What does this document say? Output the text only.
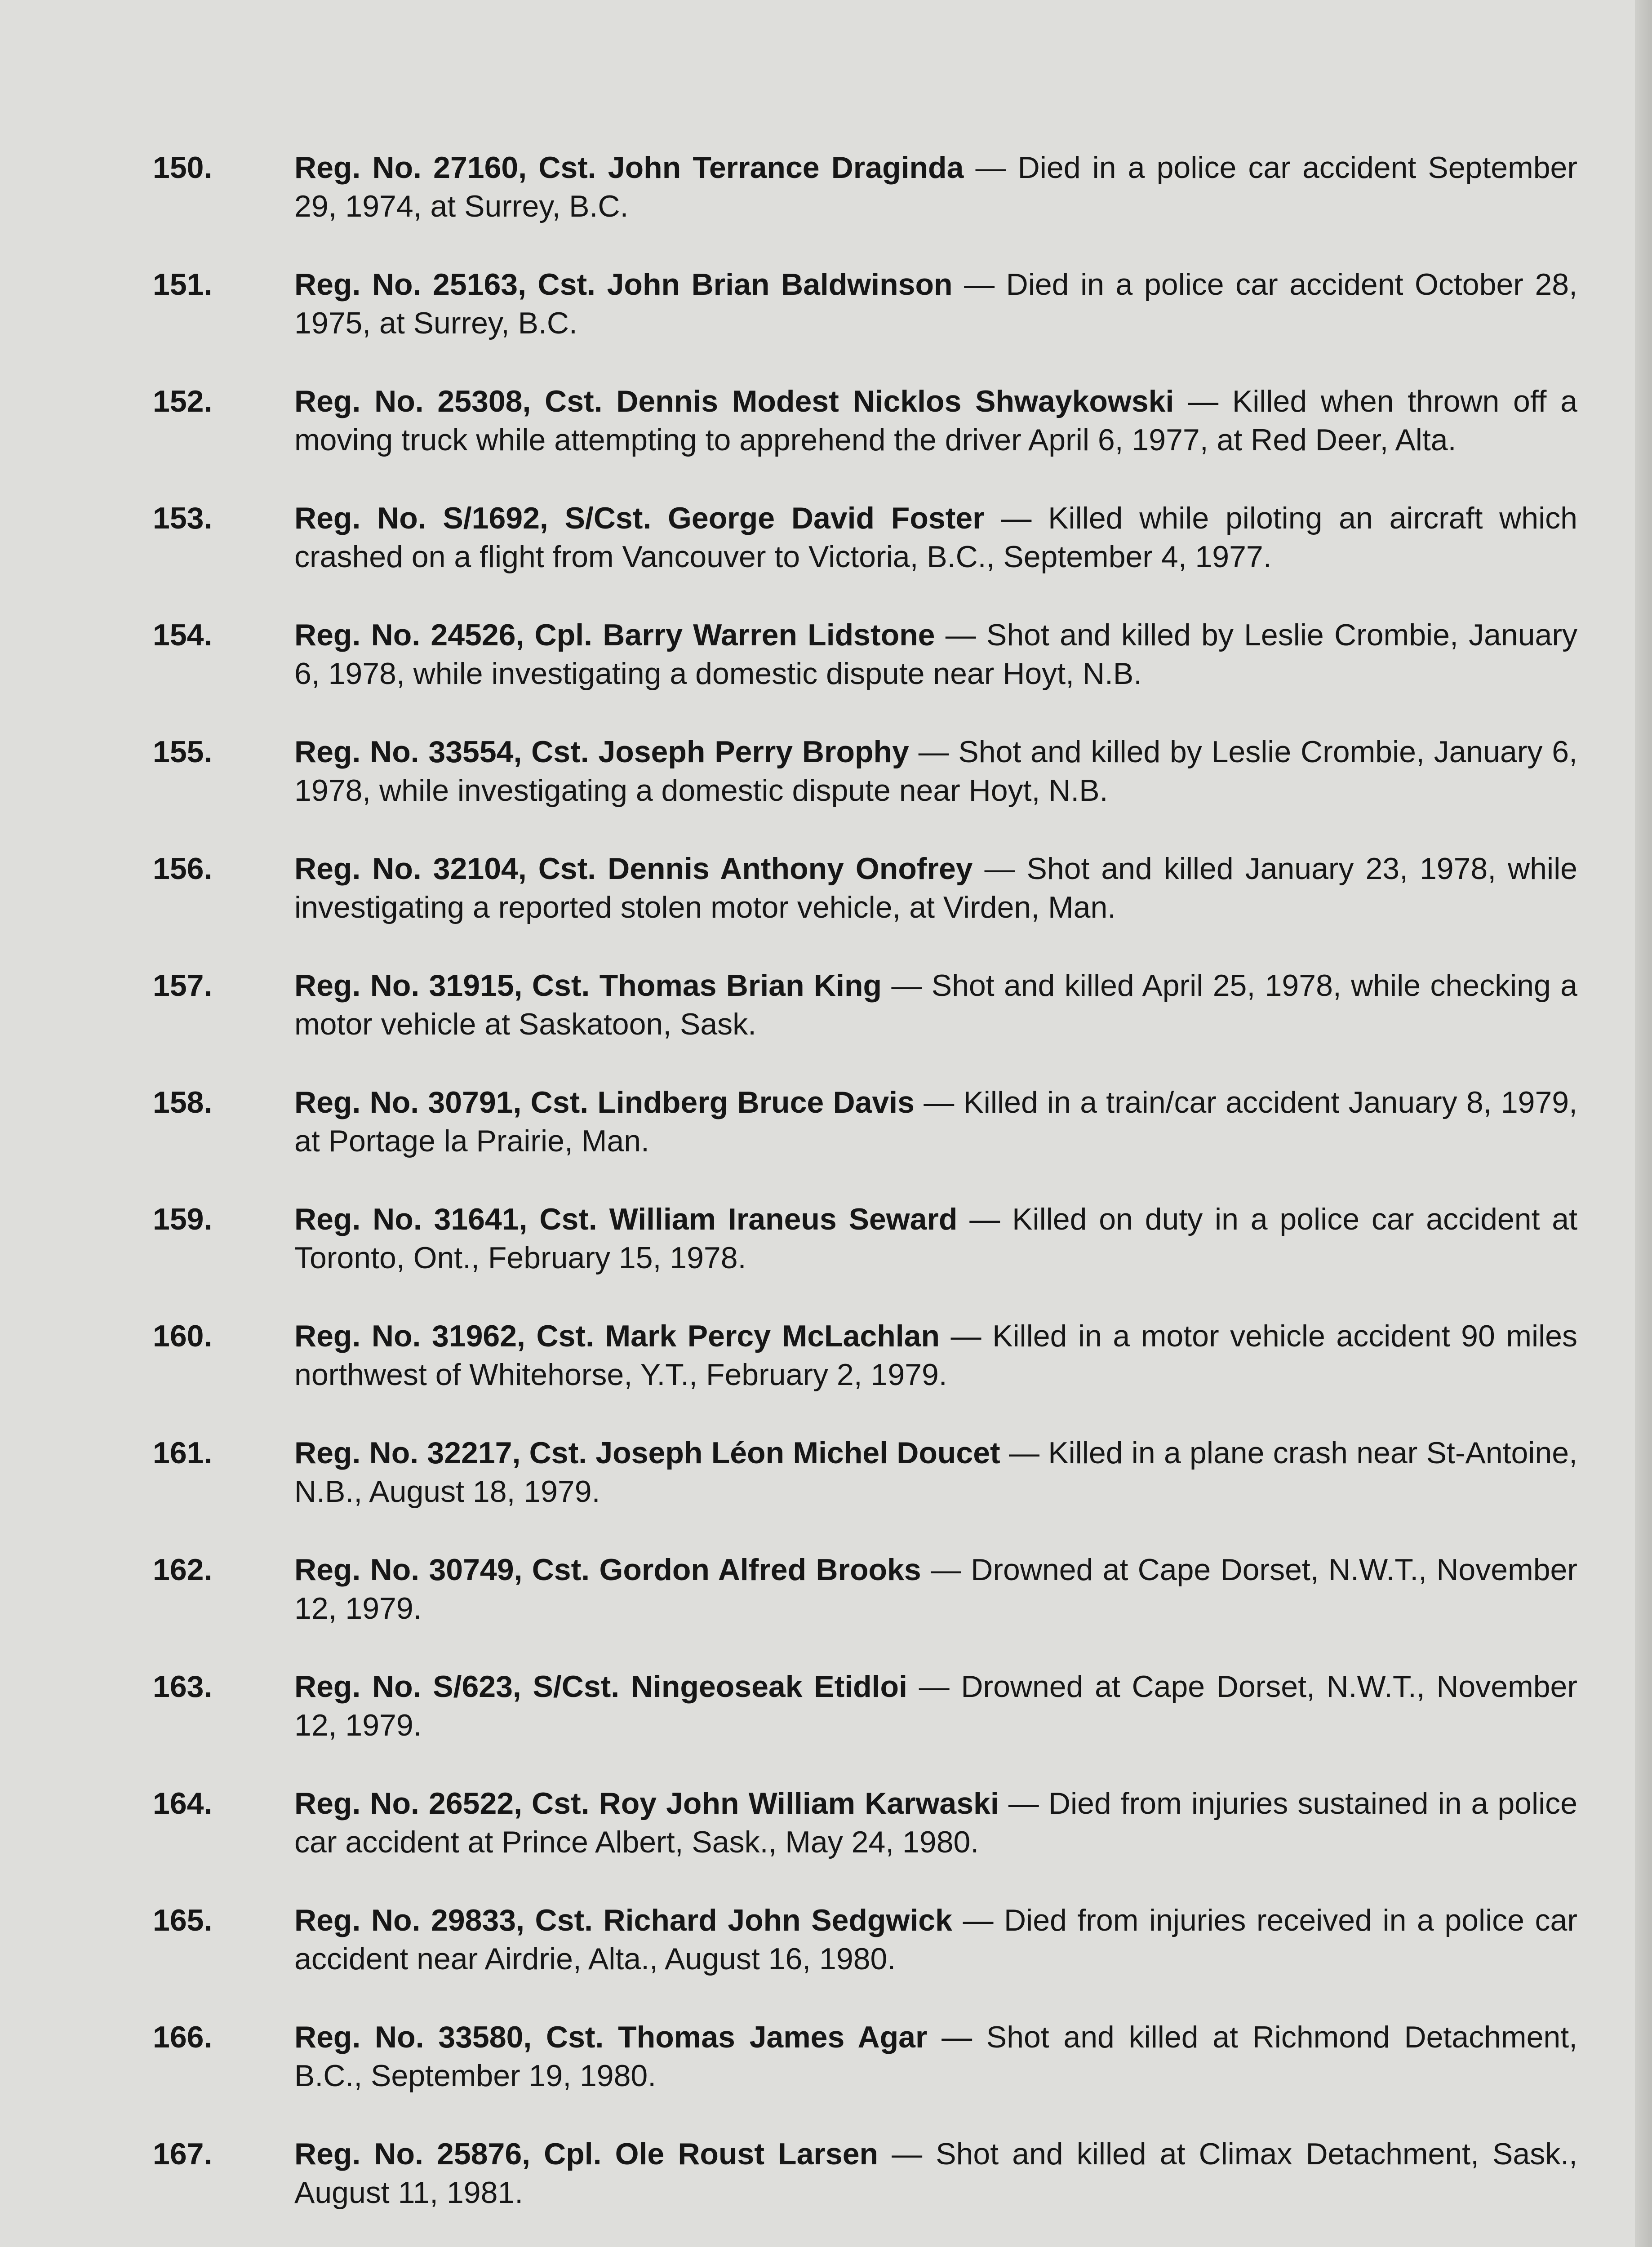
150.	Reg. No. 27160, Cst. John Terrance Draginda — Died in a police car accident September 29, 1974, at Surrey, B.C.
151.	Reg. No. 25163, Cst. John Brian Baldwinson — Died in a police car accident October 28, 1975, at Surrey, B.C.
152.	Reg. No. 25308, Cst. Dennis Modest Nicklos Shwaykowski — Killed when thrown off a moving truck while attempting to apprehend the driver April 6, 1977, at Red Deer, Alta.
153.	Reg. No. S/1692, S/Cst. George David Foster — Killed while piloting an aircraft which crashed on a flight from Vancouver to Victoria, B.C., September 4, 1977.
154.	Reg. No. 24526, Cpl. Barry Warren Lidstone — Shot and killed by Leslie Crombie, January 6, 1978, while investigating a domestic dispute near Hoyt, N.B.
155.	Reg. No. 33554, Cst. Joseph Perry Brophy — Shot and killed by Leslie Crombie, January 6, 1978, while investigating a domestic dispute near Hoyt, N.B.
156.	Reg. No. 32104, Cst. Dennis Anthony Onofrey — Shot and killed January 23, 1978, while investigating a reported stolen motor vehicle, at Virden, Man.
157.	Reg. No. 31915, Cst. Thomas Brian King — Shot and killed April 25, 1978, while checking a motor vehicle at Saskatoon, Sask.
158.	Reg. No. 30791, Cst. Lindberg Bruce Davis — Killed in a train/car accident January 8, 1979, at Portage la Prairie, Man.
159.	Reg. No. 31641, Cst. William Iraneus Seward — Killed on duty in a police car accident at Toronto, Ont., February 15, 1978.
160.	Reg. No. 31962, Cst. Mark Percy McLachlan — Killed in a motor vehicle accident 90 miles northwest of Whitehorse, Y.T., February 2, 1979.
161.	Reg. No. 32217, Cst. Joseph Léon Michel Doucet — Killed in a plane crash near St-Antoine, N.B., August 18, 1979.
162.	Reg. No. 30749, Cst. Gordon Alfred Brooks — Drowned at Cape Dorset, N.W.T., November 12, 1979.
163.	Reg. No. S/623, S/Cst. Ningeoseak Etidloi — Drowned at Cape Dorset, N.W.T., November 12, 1979.
164.	Reg. No. 26522, Cst. Roy John William Karwaski — Died from injuries sustained in a police car accident at Prince Albert, Sask., May 24, 1980.
165.	Reg. No. 29833, Cst. Richard John Sedgwick — Died from injuries received in a police car accident near Airdrie, Alta., August 16, 1980.
166.	Reg. No. 33580, Cst. Thomas James Agar — Shot and killed at Richmond Detachment, B.C., September 19, 1980.
167.	Reg. No. 25876, Cpl. Ole Roust Larsen — Shot and killed at Climax Detachment, Sask., August 11, 1981.
